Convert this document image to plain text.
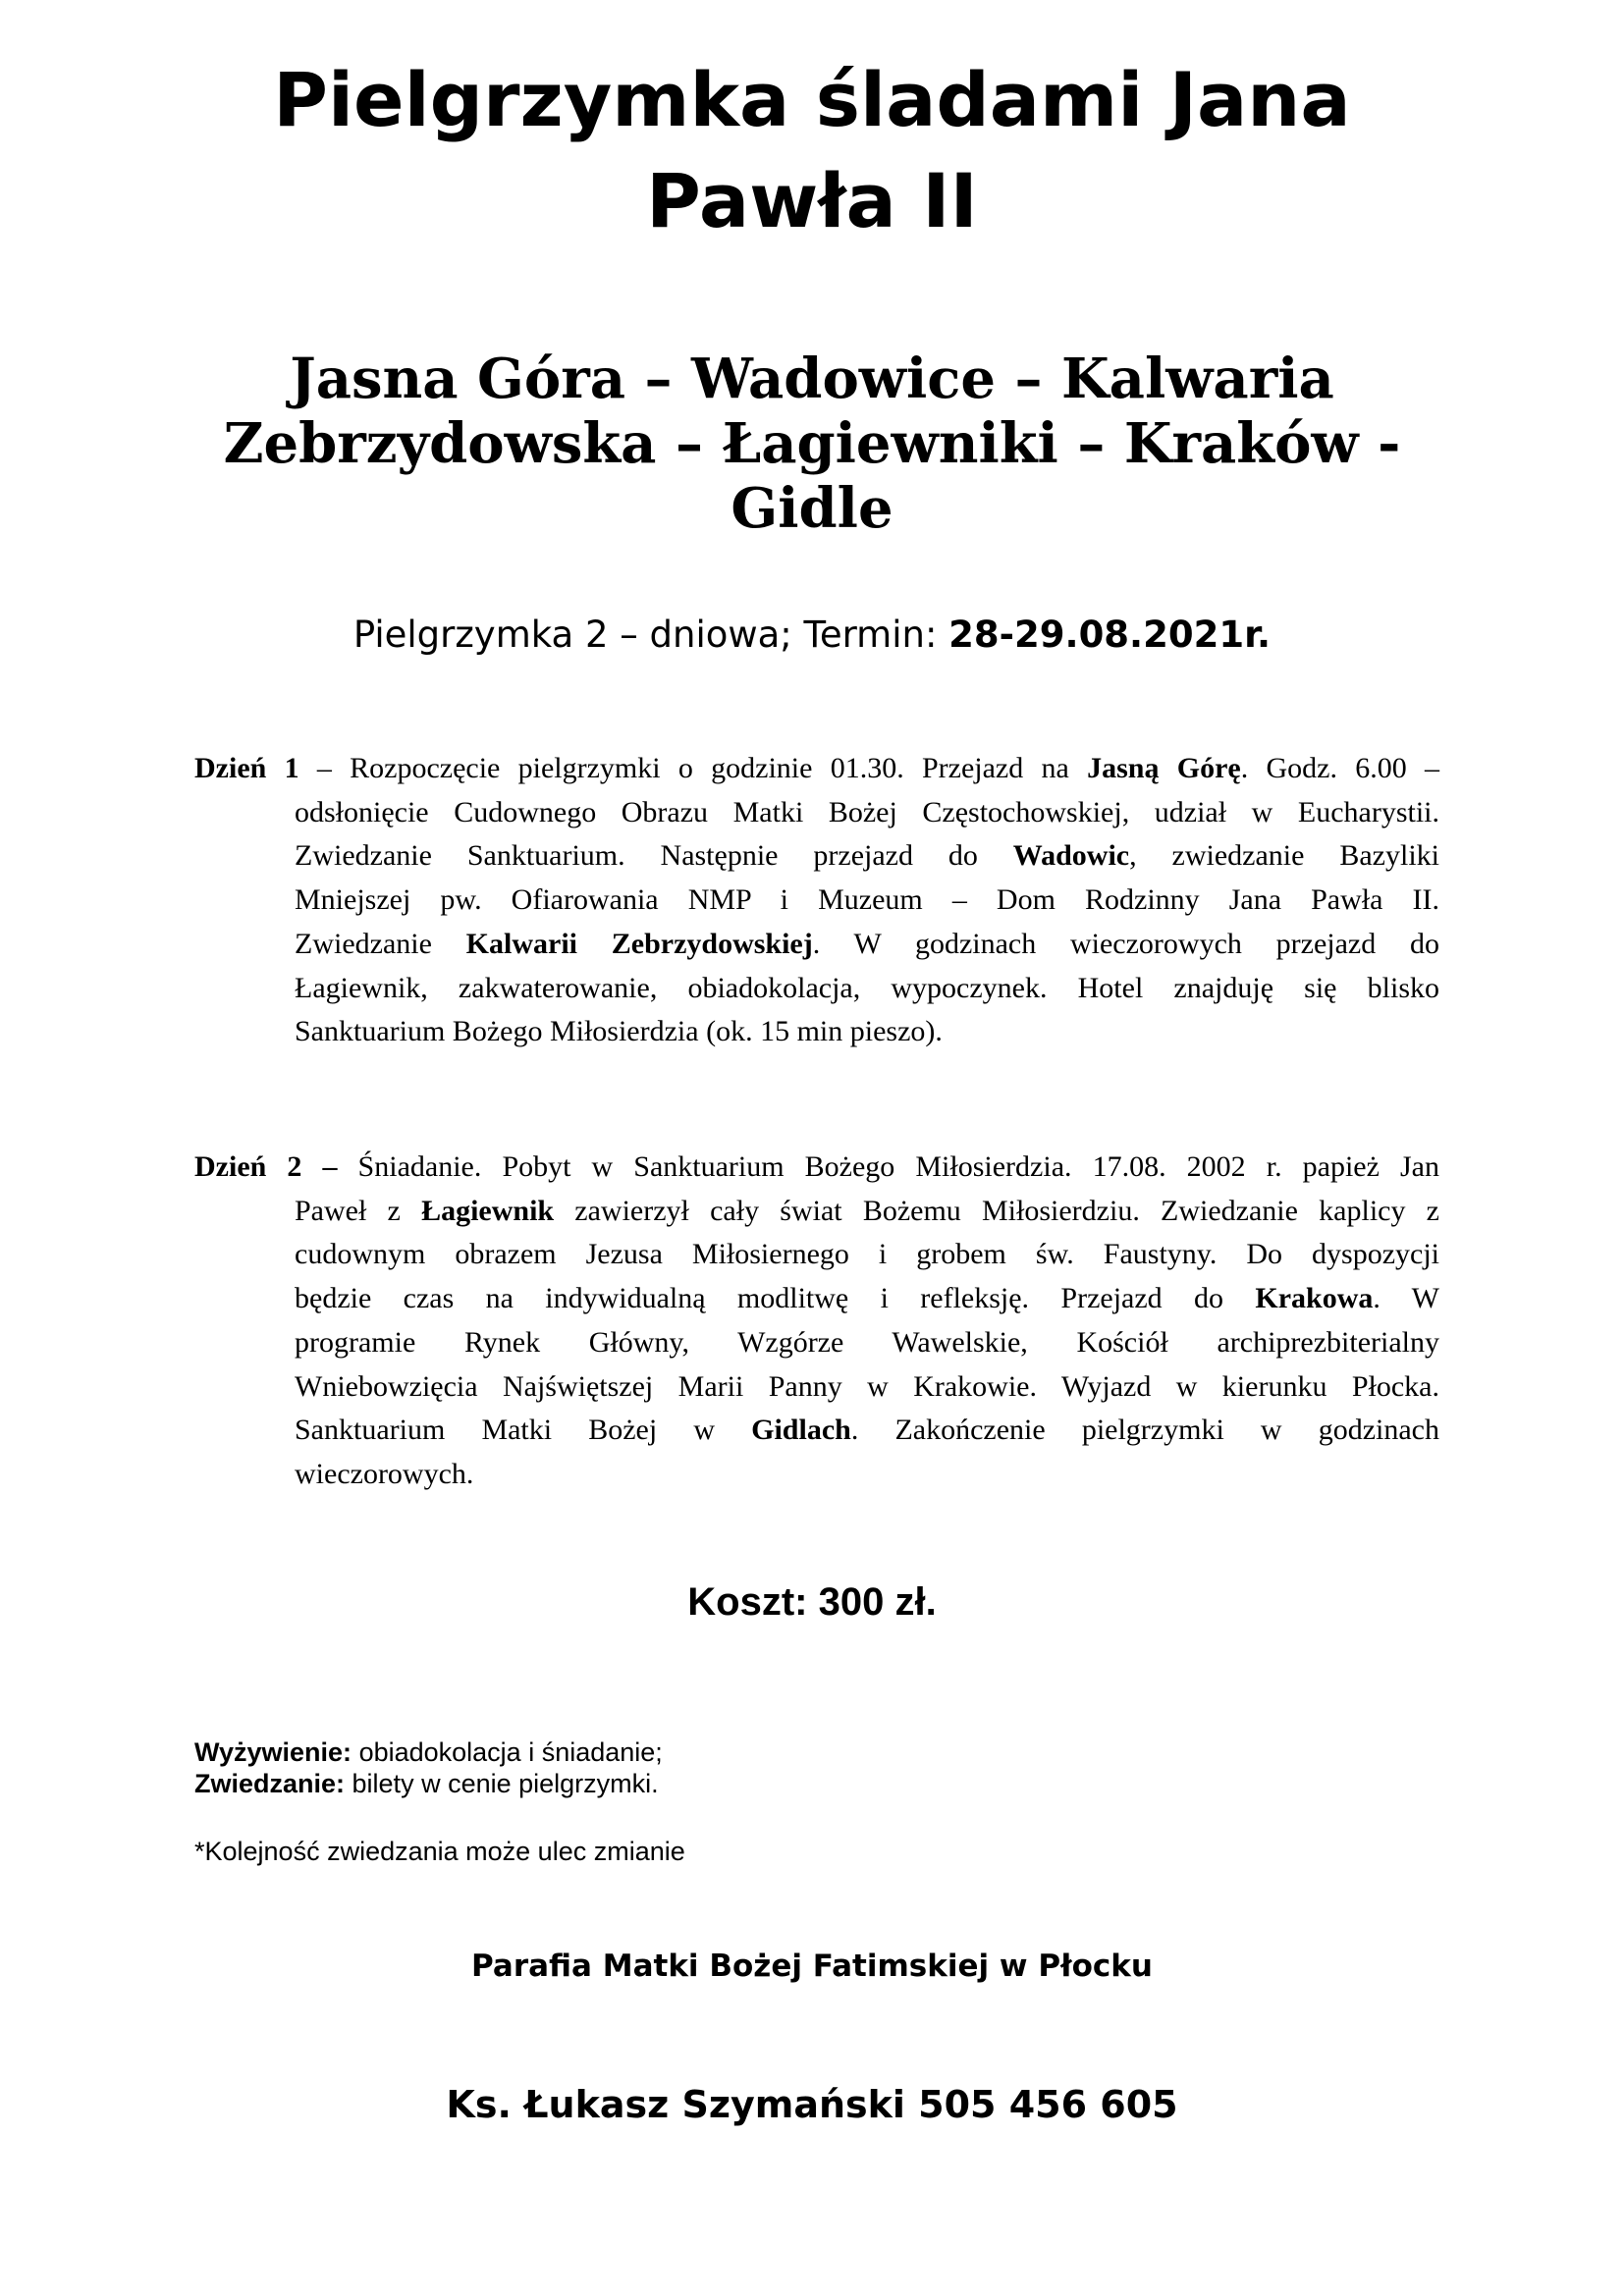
Pielgrzymka śladami Jana
Pawła II
Jasna Góra – Wadowice – Kalwaria
Zebrzydowska – Łagiewniki – Kraków -
Gidle
Pielgrzymka 2 – dniowa; Termin: 28-29.08.2021r.
Dzień 1 – Rozpoczęcie pielgrzymki o godzinie 01.30. Przejazd na Jasną Górę. Godz. 6.00 –
odsłonięcie Cudownego Obrazu Matki Bożej Częstochowskiej, udział w Eucharystii.
Zwiedzanie Sanktuarium. Następnie przejazd do Wadowic, zwiedzanie Bazyliki
Mniejszej pw. Ofiarowania NMP i Muzeum – Dom Rodzinny Jana Pawła II.
Zwiedzanie Kalwarii Zebrzydowskiej. W godzinach wieczorowych przejazd do
Łagiewnik, zakwaterowanie, obiadokolacja, wypoczynek. Hotel znajduję się blisko
Sanktuarium Bożego Miłosierdzia (ok. 15 min pieszo).
Dzień 2 – Śniadanie. Pobyt w Sanktuarium Bożego Miłosierdzia. 17.08. 2002 r. papież Jan
Paweł z Łagiewnik zawierzył cały świat Bożemu Miłosierdziu. Zwiedzanie kaplicy z
cudownym obrazem Jezusa Miłosiernego i grobem św. Faustyny. Do dyspozycji
będzie czas na indywidualną modlitwę i refleksję. Przejazd do Krakowa. W
programie Rynek Główny, Wzgórze Wawelskie, Kościół archiprezbiterialny
Wniebowzięcia Najświętszej Marii Panny w Krakowie. Wyjazd w kierunku Płocka.
Sanktuarium Matki Bożej w Gidlach. Zakończenie pielgrzymki w godzinach
wieczorowych.
Koszt: 300 zł.
Wyżywienie: obiadokolacja i śniadanie;
Zwiedzanie: bilety w cenie pielgrzymki.
*Kolejność zwiedzania może ulec zmianie
Parafia Matki Bożej Fatimskiej w Płocku
Ks. Łukasz Szymański 505 456 605
